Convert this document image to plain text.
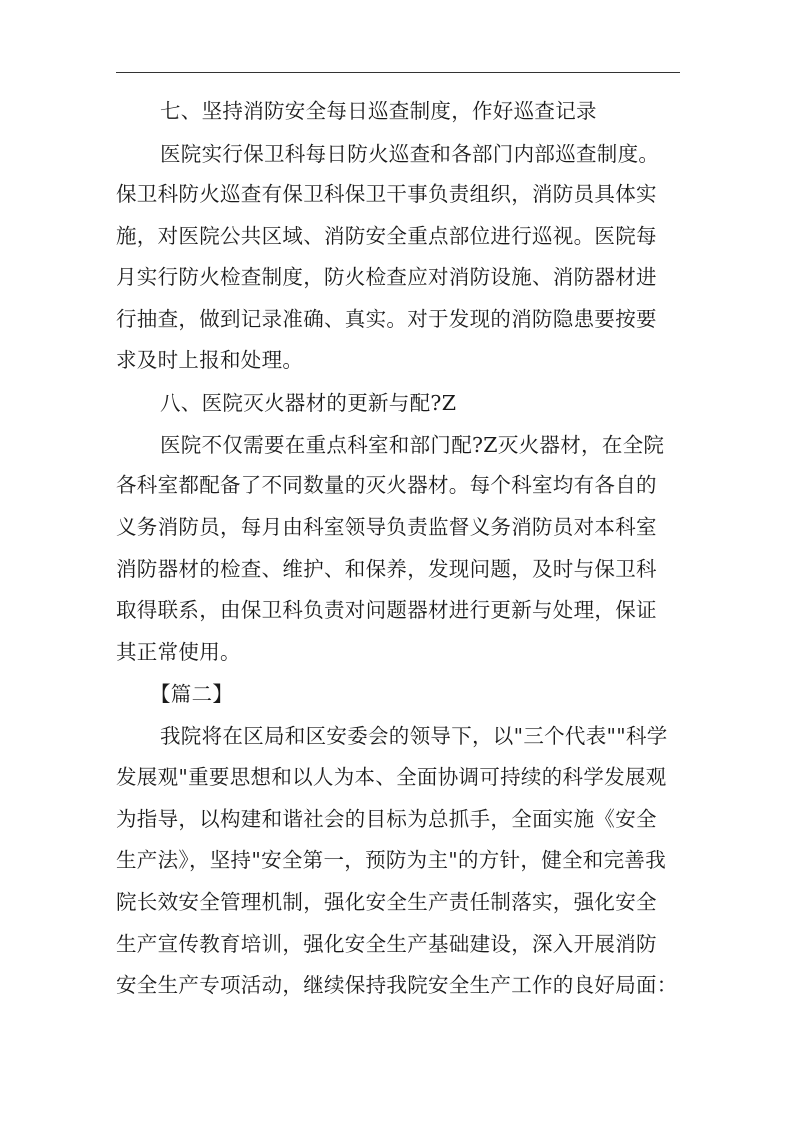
七、坚持消防安全每日巡查制度，作好巡查记录
医院实行保卫科每日防火巡查和各部门内部巡查制度。
保卫科防火巡查有保卫科保卫干事负责组织，消防员具体实
施，对医院公共区域、消防安全重点部位进行巡视。医院每
月实行防火检查制度，防火检查应对消防设施、消防器材进
行抽查，做到记录准确、真实。对于发现的消防隐患要按要
求及时上报和处理。
八、医院灭火器材的更新与配?Z
医院不仅需要在重点科室和部门配?Z灭火器材，在全院
各科室都配备了不同数量的灭火器材。每个科室均有各自的
义务消防员，每月由科室领导负责监督义务消防员对本科室
消防器材的检查、维护、和保养，发现问题，及时与保卫科
取得联系，由保卫科负责对问题器材进行更新与处理，保证
其正常使用。
【篇二】
我院将在区局和区安委会的领导下，以"三个代表""科学
发展观"重要思想和以人为本、全面协调可持续的科学发展观
为指导，以构建和谐社会的目标为总抓手，全面实施《安全
生产法》，坚持"安全第一，预防为主"的方针，健全和完善我
院长效安全管理机制，强化安全生产责任制落实，强化安全
生产宣传教育培训，强化安全生产基础建设，深入开展消防
安全生产专项活动，继续保持我院安全生产工作的良好局面：
